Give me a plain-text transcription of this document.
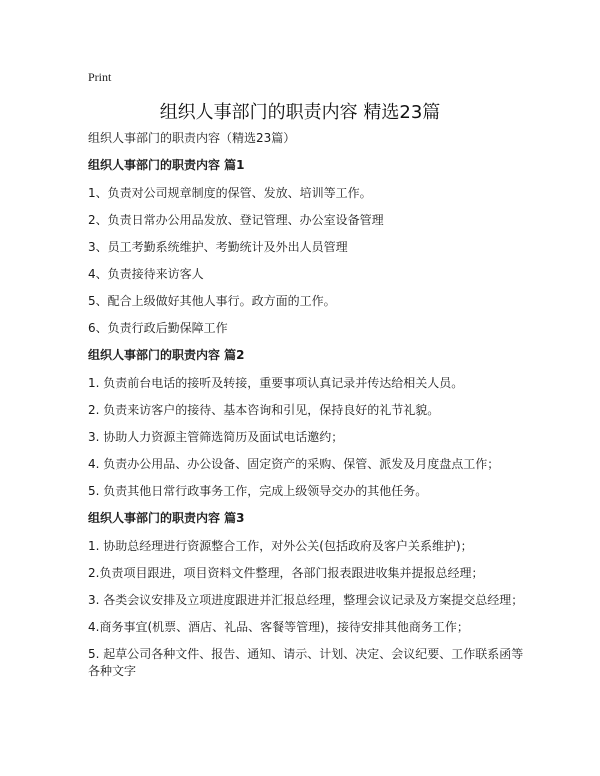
Print
组织人事部门的职责内容 精选23篇

组织人事部门的职责内容（精选23篇）

组织人事部门的职责内容 篇1

1、负责对公司规章制度的保管、发放、培训等工作。

2、负责日常办公用品发放、登记管理、办公室设备管理

3、员工考勤系统维护、考勤统计及外出人员管理

4、负责接待来访客人

5、配合上级做好其他人事行。政方面的工作。

6、负责行政后勤保障工作

组织人事部门的职责内容 篇2

1. 负责前台电话的接听及转接，重要事项认真记录并传达给相关人员。

2. 负责来访客户的接待、基本咨询和引见，保持良好的礼节礼貌。

3. 协助人力资源主管筛选简历及面试电话邀约；

4. 负责办公用品、办公设备、固定资产的采购、保管、派发及月度盘点工作；

5. 负责其他日常行政事务工作，完成上级领导交办的其他任务。

组织人事部门的职责内容 篇3

1. 协助总经理进行资源整合工作，对外公关(包括政府及客户关系维护)；

2.负责项目跟进，项目资料文件整理，各部门报表跟进收集并提报总经理；

3. 各类会议安排及立项进度跟进并汇报总经理，整理会议记录及方案提交总经理；

4.商务事宜(机票、酒店、礼品、客餐等管理)，接待安排其他商务工作；

5. 起草公司各种文件、报告、通知、请示、计划、决定、会议纪要、工作联系函等各种文字
